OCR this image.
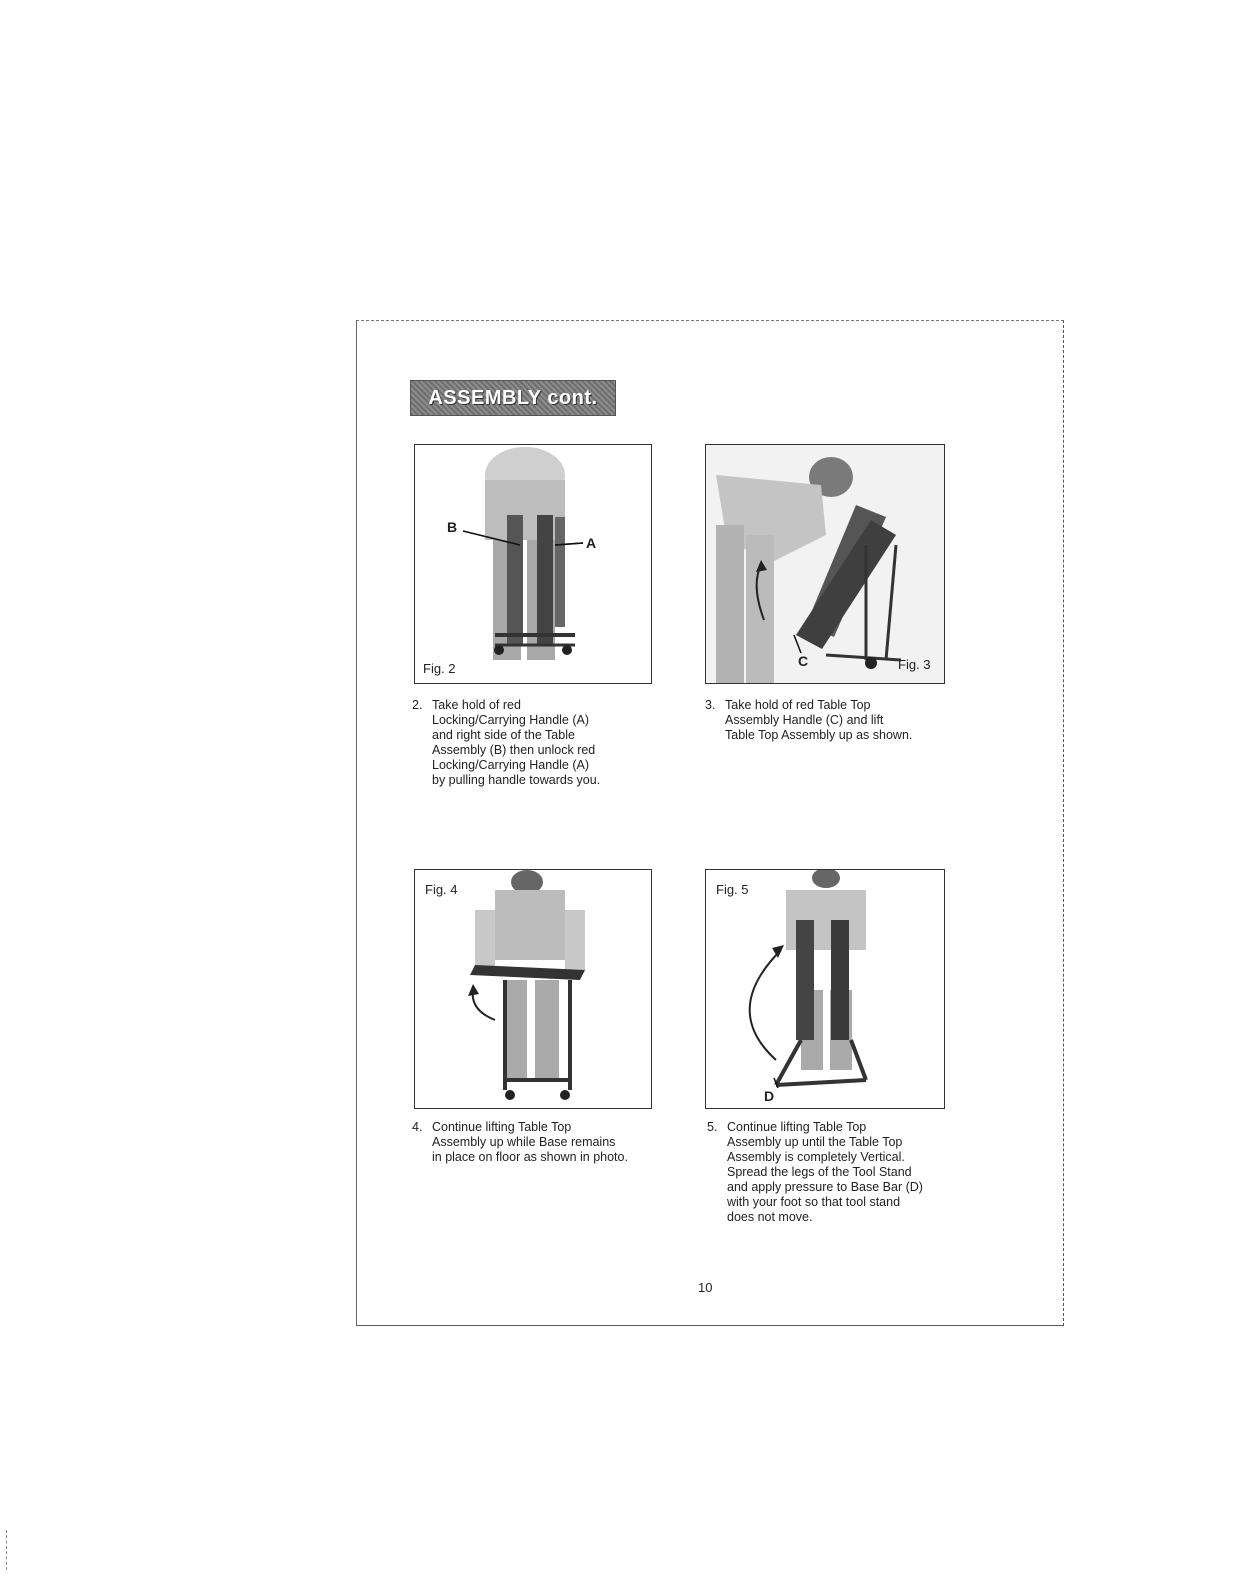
ASSEMBLY cont.
B
A
Fig. 2	C	Fig. 3
2. Take hold of red
Locking/Carrying Handle (A)
and right side of the Table
Assembly (B) then unlock red
Locking/Carrying Handle (A)
by pulling handle towards you.
3. Take hold of red Table Top
Assembly Handle (C) and lift
Table Top Assembly up as shown.
Fig. 4	Fig. 5
D
4. Continue lifting Table Top
Assembly up while Base remains
in place on floor as shown in photo.
5. Continue lifting Table Top
Assembly up until the Table Top
Assembly is completely Vertical.
Spread the legs of the Tool Stand
and apply pressure to Base Bar (D)
with your foot so that tool stand
does not move.
10
